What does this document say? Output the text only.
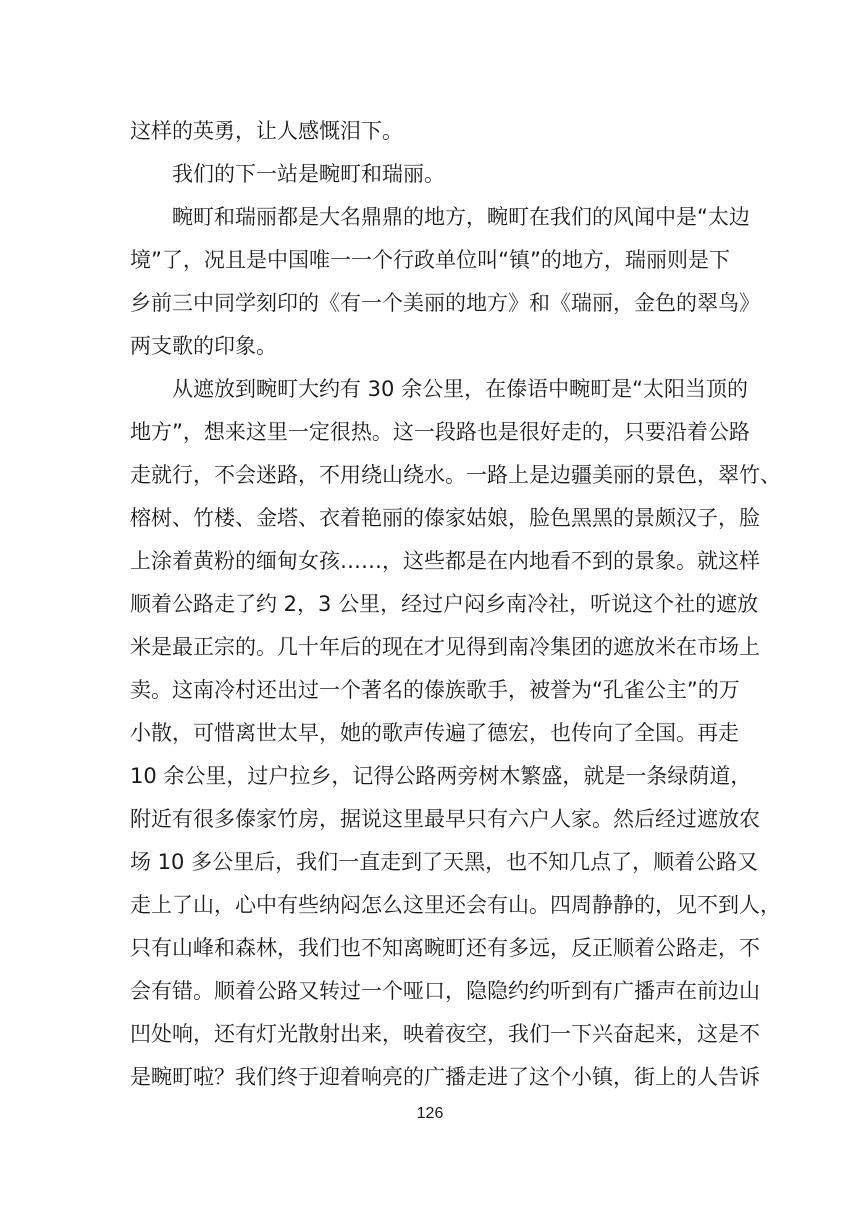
这样的英勇，让人感慨泪下。
我们的下一站是畹町和瑞丽。
畹町和瑞丽都是大名鼎鼎的地方，畹町在我们的风闻中是“太边
境”了，况且是中国唯一一个行政单位叫“镇”的地方，瑞丽则是下
乡前三中同学刻印的《有一个美丽的地方》和《瑞丽，金色的翠鸟》
两支歌的印象。
从遮放到畹町大约有 30 余公里，在傣语中畹町是“太阳当顶的
地方”，想来这里一定很热。这一段路也是很好走的，只要沿着公路
走就行，不会迷路，不用绕山绕水。一路上是边疆美丽的景色，翠竹、
榕树、竹楼、金塔、衣着艳丽的傣家姑娘，脸色黑黑的景颇汉子，脸
上涂着黄粉的缅甸女孩……，这些都是在内地看不到的景象。就这样
顺着公路走了约 2，3 公里，经过户闷乡南冷社，听说这个社的遮放
米是最正宗的。几十年后的现在才见得到南冷集团的遮放米在市场上
卖。这南冷村还出过一个著名的傣族歌手，被誉为“孔雀公主”的万
小散，可惜离世太早，她的歌声传遍了德宏，也传向了全国。再走
10 余公里，过户拉乡，记得公路两旁树木繁盛，就是一条绿荫道，
附近有很多傣家竹房，据说这里最早只有六户人家。然后经过遮放农
场 10 多公里后，我们一直走到了天黑，也不知几点了，顺着公路又
走上了山，心中有些纳闷怎么这里还会有山。四周静静的，见不到人，
只有山峰和森林，我们也不知离畹町还有多远，反正顺着公路走，不
会有错。顺着公路又转过一个哑口，隐隐约约听到有广播声在前边山
凹处响，还有灯光散射出来，映着夜空，我们一下兴奋起来，这是不
是畹町啦？我们终于迎着响亮的广播走进了这个小镇，街上的人告诉
126
